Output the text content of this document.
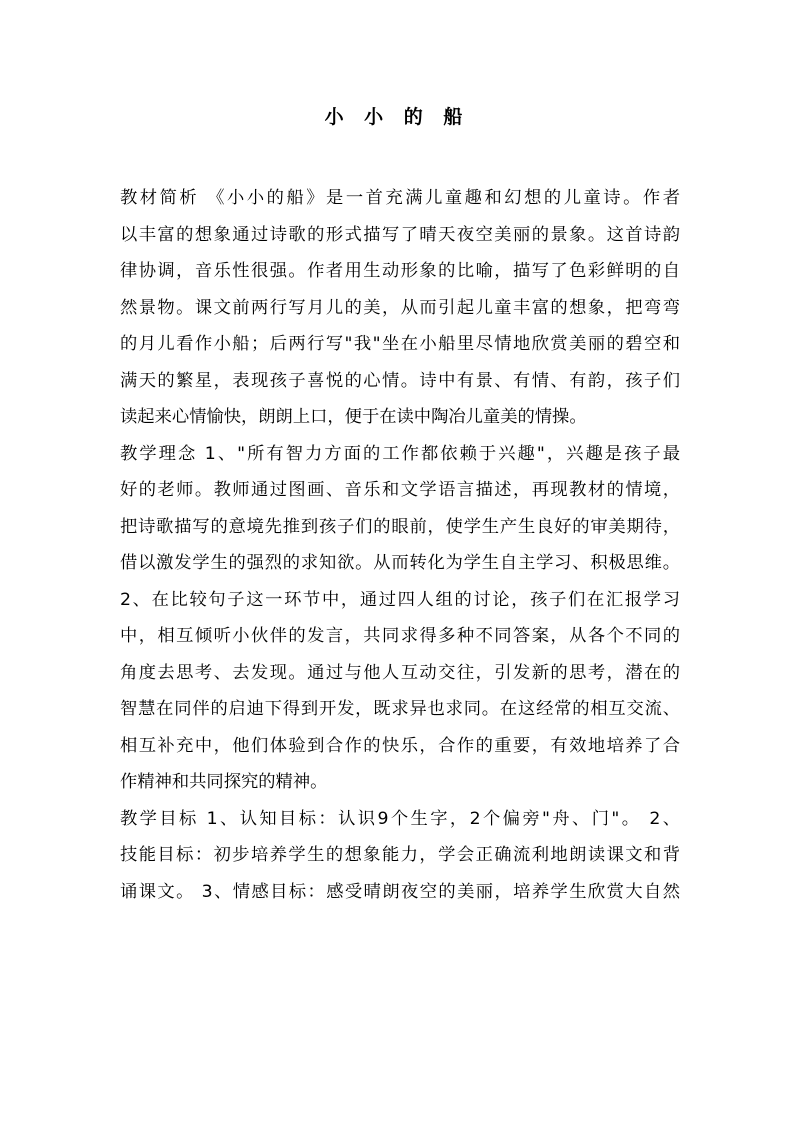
小 小 的 船
教材简析 《小小的船》是一首充满儿童趣和幻想的儿童诗。作者
以丰富的想象通过诗歌的形式描写了晴天夜空美丽的景象。这首诗韵
律协调，音乐性很强。作者用生动形象的比喻，描写了色彩鲜明的自
然景物。课文前两行写月儿的美，从而引起儿童丰富的想象，把弯弯
的月儿看作小船；后两行写"我"坐在小船里尽情地欣赏美丽的碧空和
满天的繁星，表现孩子喜悦的心情。诗中有景、有情、有韵，孩子们
读起来心情愉快，朗朗上口，便于在读中陶冶儿童美的情操。
教学理念 1、"所有智力方面的工作都依赖于兴趣"，兴趣是孩子最
好的老师。教师通过图画、音乐和文学语言描述，再现教材的情境，
把诗歌描写的意境先推到孩子们的眼前，使学生产生良好的审美期待，
借以激发学生的强烈的求知欲。从而转化为学生自主学习、积极思维。
2、在比较句子这一环节中，通过四人组的讨论，孩子们在汇报学习
中，相互倾听小伙伴的发言，共同求得多种不同答案，从各个不同的
角度去思考、去发现。通过与他人互动交往，引发新的思考，潜在的
智慧在同伴的启迪下得到开发，既求异也求同。在这经常的相互交流、
相互补充中，他们体验到合作的快乐，合作的重要，有效地培养了合
作精神和共同探究的精神。
教学目标 1、认知目标：认识9个生字，2个偏旁"舟、门"。 2、
技能目标：初步培养学生的想象能力，学会正确流利地朗读课文和背
诵课文。 3、情感目标：感受晴朗夜空的美丽，培养学生欣赏大自然
